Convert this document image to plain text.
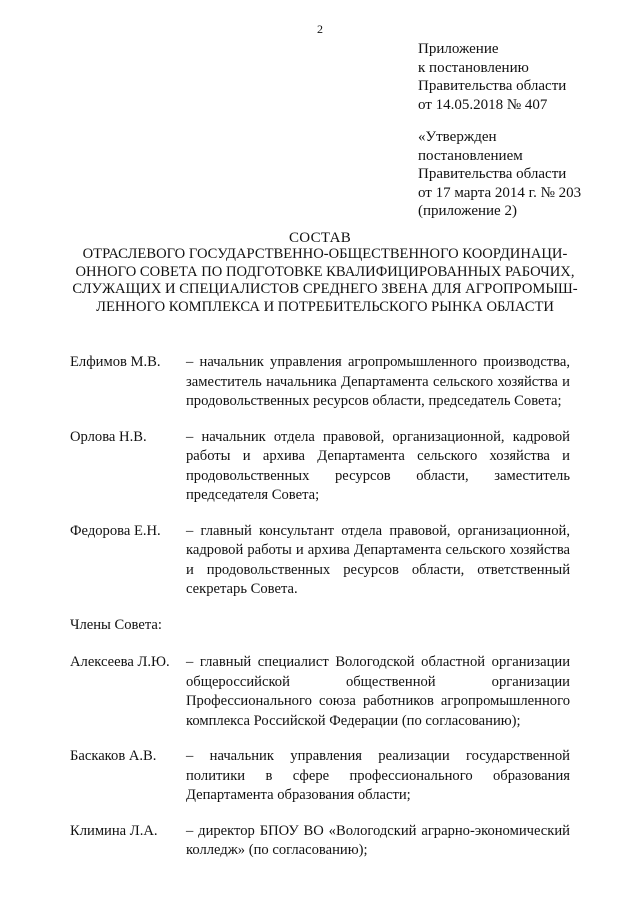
2
Приложение
к постановлению
Правительства области
от 14.05.2018 № 407
«Утвержден
постановлением
Правительства области
от 17 марта 2014 г. № 203
(приложение 2)
СОСТАВ
ОТРАСЛЕВОГО ГОСУДАРСТВЕННО-ОБЩЕСТВЕННОГО КООРДИНАЦИ-
ОННОГО СОВЕТА ПО ПОДГОТОВКЕ КВАЛИФИЦИРОВАННЫХ РАБОЧИХ,
СЛУЖАЩИХ И СПЕЦИАЛИСТОВ СРЕДНЕГО ЗВЕНА ДЛЯ АГРОПРОМЫШ-
ЛЕННОГО КОМПЛЕКСА И ПОТРЕБИТЕЛЬСКОГО РЫНКА ОБЛАСТИ
Елфимов М.В.	– начальник управления агропромышленного производства, заместитель начальника Департамента сельского хозяйства и продовольственных ресурсов области, председатель Совета;
Орлова Н.В.	– начальник отдела правовой, организационной, кадровой работы и архива Департамента сельского хозяйства и продовольственных ресурсов области, заместитель председателя Совета;
Федорова Е.Н.	– главный консультант отдела правовой, организационной, кадровой работы и архива Департамента сельского хозяйства и продовольственных ресурсов области, ответственный секретарь Совета.
Члены Совета:
Алексеева Л.Ю.	– главный специалист Вологодской областной организации общероссийской общественной организации Профессионального союза работников агропромышленного комплекса Российской Федерации (по согласованию);
Баскаков А.В.	– начальник управления реализации государственной политики в сфере профессионального образования Департамента образования области;
Климина Л.А.	– директор БПОУ ВО «Вологодский аграрно-экономический колледж» (по согласованию);
